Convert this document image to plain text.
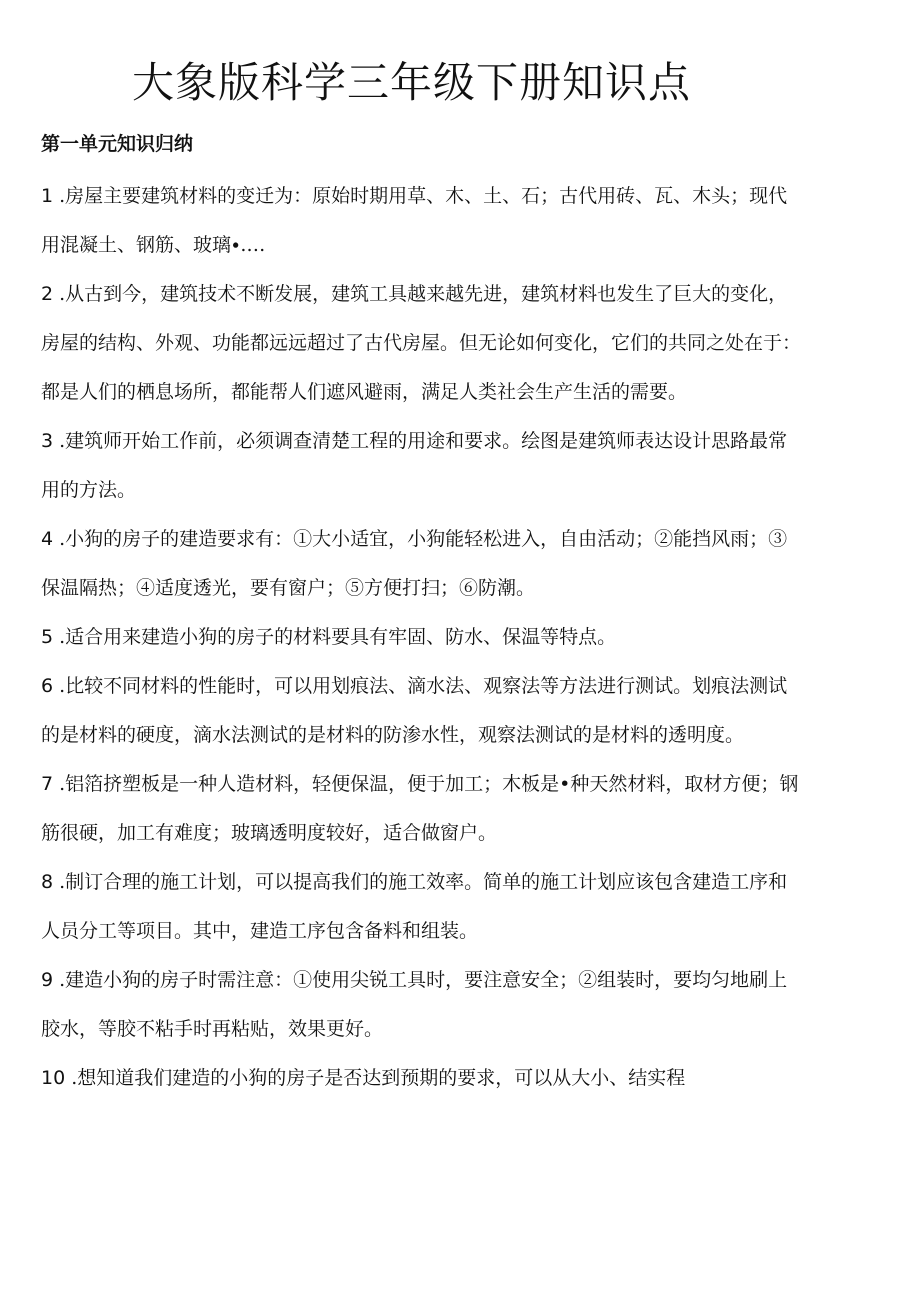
大象版科学三年级下册知识点
第一单元知识归纳
1 .房屋主要建筑材料的变迁为：原始时期用草、木、土、石；古代用砖、瓦、木头；现代用混凝土、钢筋、玻璃∙.…
2 .从古到今，建筑技术不断发展，建筑工具越来越先进，建筑材料也发生了巨大的变化，房屋的结构、外观、功能都远远超过了古代房屋。但无论如何变化，它们的共同之处在于：都是人们的栖息场所，都能帮人们遮风避雨，满足人类社会生产生活的需要。
3 .建筑师开始工作前，必须调查清楚工程的用途和要求。绘图是建筑师表达设计思路最常用的方法。
4 .小狗的房子的建造要求有：①大小适宜，小狗能轻松进入，自由活动；②能挡风雨；③保温隔热；④适度透光，要有窗户；⑤方便打扫；⑥防潮。
5 .适合用来建造小狗的房子的材料要具有牢固、防水、保温等特点。
6 .比较不同材料的性能时，可以用划痕法、滴水法、观察法等方法进行测试。划痕法测试的是材料的硬度，滴水法测试的是材料的防渗水性，观察法测试的是材料的透明度。
7 .铝箔挤塑板是一种人造材料，轻便保温，便于加工；木板是•种天然材料，取材方便；钢筋很硬，加工有难度；玻璃透明度较好，适合做窗户。
8 .制订合理的施工计划，可以提高我们的施工效率。简单的施工计划应该包含建造工序和人员分工等项目。其中，建造工序包含备料和组装。
9 .建造小狗的房子时需注意：①使用尖锐工具时，要注意安全；②组装时，要均匀地刷上胶水，等胶不粘手时再粘贴，效果更好。
10 .想知道我们建造的小狗的房子是否达到预期的要求，可以从大小、结实程
